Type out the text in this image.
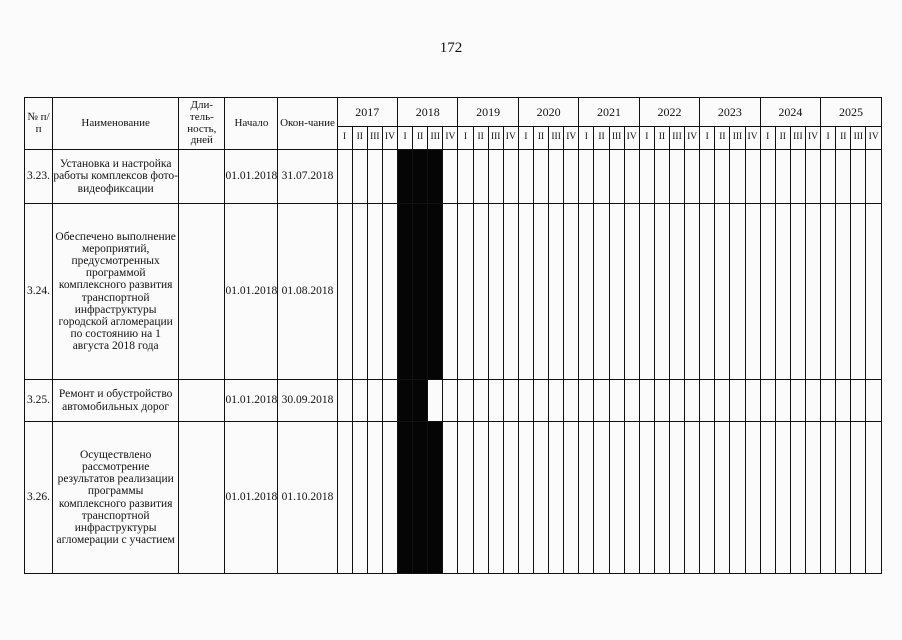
172
№ п/п	Наименование	Дли-тель-ность, дней	Начало	Окон-чание	2017				2018				2019				2020				2021				2022				2023				2024				2025			
					I	II	III	IV	I	II	III	IV	I	II	III	IV	I	II	III	IV	I	II	III	IV	I	II	III	IV	I	II	III	IV	I	II	III	IV	I	II	III	IV
3.23.	Установка и настройка работы комплексов фото-видеофиксации		01.01.2018	31.07.2018																																				
3.24.	Обеспечено выполнение мероприятий, предусмотренных программой комплексного развития транспортной инфраструктуры городской агломерации по состоянию на 1 августа 2018 года		01.01.2018	01.08.2018																																				
3.25.	Ремонт и обустройство автомобильных дорог		01.01.2018	30.09.2018																																				
3.26.	Осуществлено рассмотрение результатов реализации программы комплексного развития транспортной инфраструктуры агломерации с участием		01.01.2018	01.10.2018																																				
